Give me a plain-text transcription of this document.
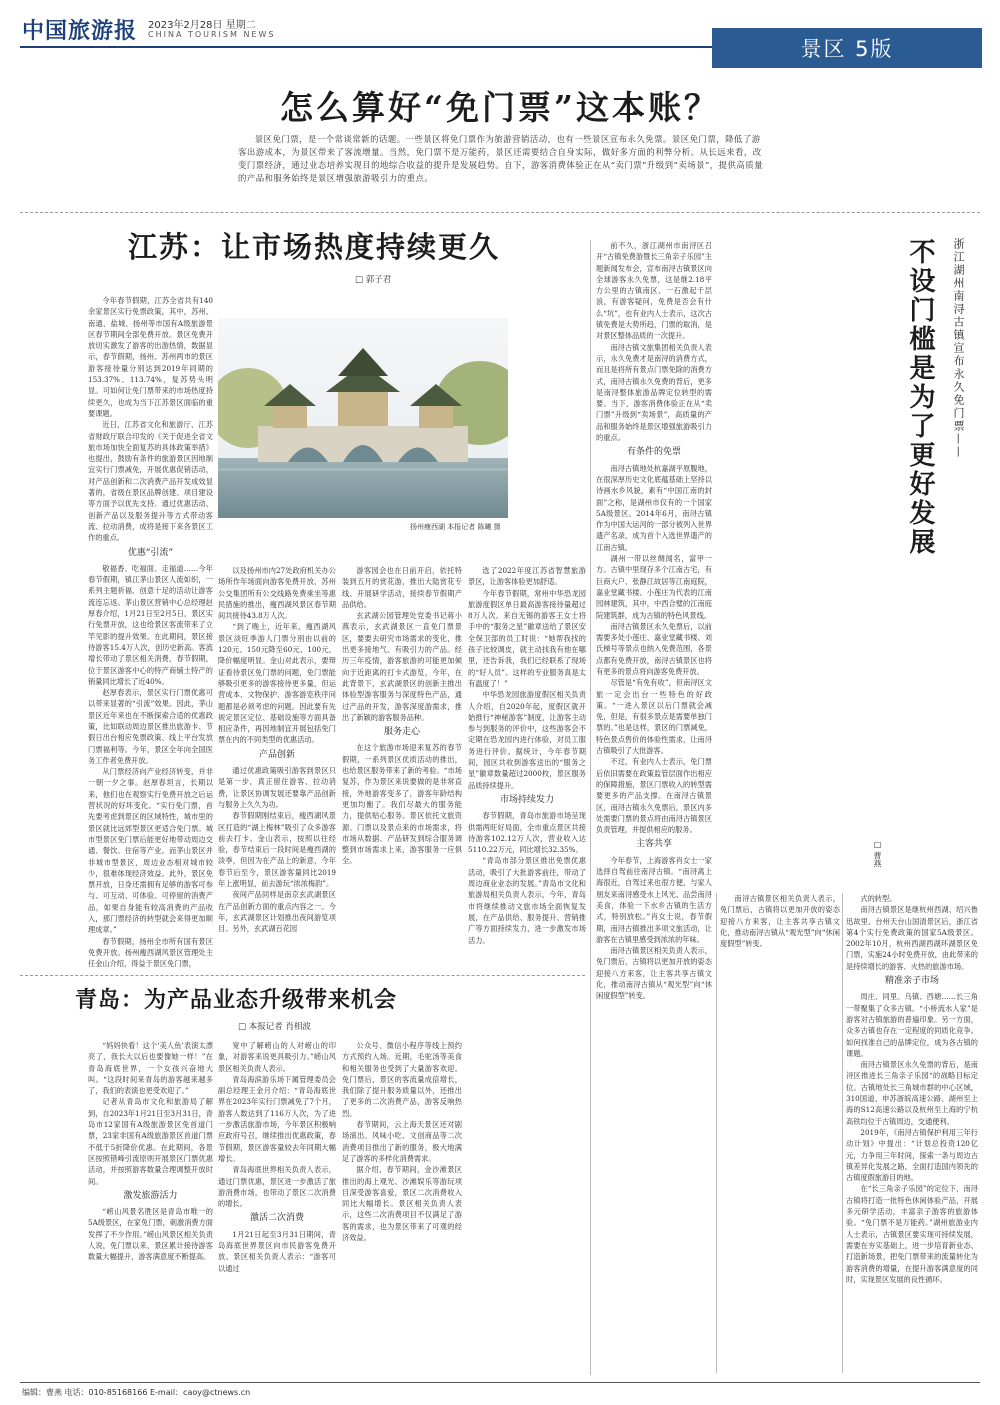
中国旅游报 2023年2月28日 星期二
CHINA TOURISM NEWS
景区 5版
怎么算好“免门票”这本账？
景区免门票，是一个常谈常新的话题。一些景区将免门票作为旅游营销活动，也有一些景区宣布永久免票。景区免门票，降低了游客出游成本，为景区带来了客流增量。当然，免门票不是万能药，景区还需要结合自身实际，做好多方面的利弊分析。从长远来看，改变门票经济，通过业态培养实现目的地综合收益的提升是发展趋势。自下，游客消费体验正在从“卖门票”升级到“卖场景”，提供高质量的产品和服务始终是景区增强旅游吸引力的重点。
江苏：让市场热度持续更久
□ 郭子君
扬州瘦西湖 本报记者 陈曦 摄

今年春节假期，江苏全省共有140余家景区实行免票政策，其中，苏州、南通、盐城、扬州等市国有A级旅游景区春节期间全部免费开放。景区免费开放切实激发了游客的出游热情，数据显示，春节假期，扬州、苏州两市的景区游客接待量分别达到2019年同期的153.37%、113.74%，复苏势头明显。可如何让免门票带来的市场热度持续更久，也成为当下江苏景区面临的重要课题。

近日，江苏省文化和旅游厅、江苏省财政厅联合印发的《关于促进全省文旅市场加快全面复苏的具体政策举措》也提出，鼓励有条件的旅游景区因地制宜实行门票减免，开展优惠促销活动，对产品创新和二次消费产品开发成效显著的，省级在景区品牌创建、项目建设等方面予以优先支持。通过优惠活动、创新产品以及服务提升等方式带动客流、拉动消费，成将是接下来各景区工作的重点。

优惠“引流”

敬福香、吃福面、走福道……今年春节假期，镇江茅山景区人流如织，一系列主题祈福、创意十足的活动让游客流连忘返。茅山景区营销中心总经理赵厚春介绍，1月21日至2月5日，景区实行免票开放，这也给景区客流带来了立竿见影的提升效果。在此期间，景区接待游客15.4万人次，创历史新高。客流增长带动了景区相关消费，春节假期，位于景区游客中心的特产商铺土特产的销量同比增长了近40%。

赵厚春表示，景区实行门票优惠可以带来显著的“引流”效果。因此，茅山景区近年来也在不断探索合适的优惠政策，比如联动周边景区推出旅游卡、节假日出台相应免票政策、线上平台发放门票福利等。今年，景区全年向全国医务工作者免费开放。

从门票经济向产业经济转变，并非一朝一夕之事。赵厚春坦言，长期以来，他们也在观察实行免费开放之后运营状况的好坏变化。“实行免门票，首先要考虑到景区的区域特性，城市里的景区就比远郊型景区更适合免门票。城市型景区免门票后能更好地带动周边交通、餐饮、住宿等产业。而茅山景区并非城市型景区，周边业态相对城市较少，很难体现经济效益。此外，景区免票开放，日身还需拥有足够的游客可参与、可互动、可体验、可停留的消费产品，如果自身能有较高消费的产品收入，那门票经济的转型就会来得更加顺理成章。”

春节假期，扬州全市所有国有景区免费开放。扬州瘦西湖风景区管理处主任金山介绍，得益于景区免门票，

以及扬州市内27处政府机关办公场所作年场面向游客免费开放、苏州公交集团所有公交线路免费乘坐等惠民措施的推出，瘦西湖风景区春节期间共接待43.8万人次。

“到了晚上，近年来，瘦西湖风景区淡旺季游人门票分别由以前的120元、150元降至60元、100元，降价幅度明显。金山对此表示，要辩证看待景区免门票的问题，免门票能够吸引更多的游客接待更多量，但运营成本、文物保护、游客游览秩序问题都是必须考虑的问题。因此要有先规定景区定位、基础设施等方面具备相应条件，再因地制宜开展包括免门票在内的不同类型的优惠活动。

产品创新

通过优惠政策吸引游客到景区只是第一步，真正留住游客、拉动消费，让景区协调发展还要靠产品创新与服务上久久为功。

春节假期刚结束后，瘦西湖风景区打造的“湖上梅林”吸引了众多游客前去打卡。金山表示，按照以往经验，春节结束后一段时间是瘦西湖的淡季，但因为在产品上的新意，今年春节后至今，景区游客量同比2019年上涨明显，前去游玩“浓浓梅韵”。

夜间产品同样是南京玄武湖景区在产品创新方面的重点内容之一。今年，玄武湖景区计划推出夜间游览项目。另外，玄武湖百花园

游客园会也在日前开启，依托特装到五月的赏花游，推出大陆赏花专线、开展研学活动，接续春节假期产品供给。

玄武湖公园管理处党委书记蒋小燕表示，玄武湖景区一直免门票景区，要要去研究市场需求的变化，推出更多接地气、有吸引力的产品。经历三年疫情，游客旅游的可能更加倾向于近距离的打卡式游览，今年，在此背景下，玄武湖景区的创新主推出体验型游客服务与深度特色产品，通过产品的开发，游客深度游需求，推出了新颖的游客服务品种。

服务走心

在这个旅游市场迎来复苏的春节假期，一系列景区优质活动的推出，也给景区服务带来了新的考验。“市场复苏，作为景区来说要做的是非常直接，外地游客变多了，游客年龄结构更加均衡了。我们尽最大的服务能力，提供贴心服务。景区依托文旅资源、门票以及景点来的市场需求，将市场从数据、产品研发到综合服务调整到市场需求上来，游客服务一应俱全。

选了2022年度江苏省智慧旅游景区，让游客体验更加舒适。

今年春节假期，常州中华恐龙园旅游度假区单日最高游客接待量超过8万人次。来自无锡的游客王女士将手中的“服务之星”徽章送给了景区安全保卫部的员工时说：“她帮我找的孩子比较调皮，就主动找我有他在哪里，还告诉我，我们已经联系了现场的“好人员”。这样的专业服务真是太有温度了！”

中华恐龙园旅游度假区相关负责人介绍，自2020年起，度假区就开始推行“神秘游客”制度，让游客主动参与到服务的评价中，这些游客会不定期在恐龙园内进行体验，对员工服务进行评价。据统计，今年春节期间，园区共收到游客送出的“服务之星”徽章数量超过2000枚，景区服务品质持续提升。

市场持续发力

春节假期，青岛市旅游市场呈现供需两旺好局面，全市重点景区共接待游客102.12万人次，营业收入达5110.22万元，同比增长32.35%。

“青岛市部分景区推出免票优惠活动，吸引了大批游客前往，带动了周边商业业态的发展。”青岛市文化和旅游局相关负责人表示，今年，青岛市将继续推动文旅市场全面恢复发展，在产品供给、服务提升、营销推广等方面持续发力，进一步激发市场活力。

前不久，浙江湖州市南浔区召开“古镇免费游暨长三角亲子乐园”主题新闻发布会，宣布南浔古镇景区向全球游客永久免票，这是继2.18平方公里的古镇南区、一石激起千层浪，有游客疑问，免费是否会有什么“坑”，也有业内人士表示，这次古镇免费是大势所趋，门票的取消，是对景区整体品质的一次提升。

南浔古镇文旅集团相关负责人表示，永久免费才是南浔的消费方式，而且是将所有景点门票免除的消费方式，南浔古镇永久免费的背后，更多是南浔整体旅游品牌定位转型的需要。当下，游客消费体验正在从“卖门票”升级到“卖场景”，高质量的产品和服务始终是景区增强旅游吸引力的重点。

有条件的免票

南浔古镇地处杭嘉湖平原腹地，在很深厚历史文化底蕴基础上坚持以诗画水乡风貌，素有“中国江南的封面”之称，是湖州市仅有的一个国家5A级景区。2014年6月，南浔古镇作为中国大运河的一部分被列入世界遗产名录，成为首个入选世界遗产的江南古镇。

湖州一带以丝绸闻名，富甲一方。古镇中里现存多个江南古宅，有巨商大户、张静江故居等江南庭院，嘉业堂藏书楼、小莲庄为代表的江南园林建筑，其中，中西合璧的江南庭院建筑群，成为古镇的特色风景线。

南浔古镇景区永久免票后，以前需要多处小莲庄、嘉业堂藏书楼、刘氏梯号等景点也纳入免费范围，各景点都有免费开放，南浔古镇景区也将有更多的景点将向游客免费开放。

尽管是“有免有收”，但南浔区文旅一定会出台一些特色的好政策。“一进入景区以后门票就会减免，但是，有很多景点是需要单独门票的。”也是这样，景区的门票减免，特色景点售价的体验性需求，让南浔古镇吸引了大批游客。

不过，有业内人士表示，免门票后依旧需要在政策监管层面作出相应的保障措施，景区门票收入的转型需要更多的产品支撑。在南浔古镇景区，南浔古镇永久免票后，景区内多处需要门票的景点将由南浔古镇景区负责管理，并提供相应的服务。

主客共享

今年春节，上海游客肖女士一家选择自驾前往南浔古镇。“南浔离上海很近，自驾过来也很方便，与家人朋友来南浔感受水上风光、品尝南浔美食，体验一下水乡古镇的生活方式，特别放松。”肖女士说，春节假期，南浔古镇推出多项文旅活动，让游客在古镇里感受到浓浓的年味。

南浔古镇景区相关负责人表示，免门票后，古镇将以更加开放的姿态迎接八方来客，让主客共享古镇文化，推动南浔古镇从“观光型”向“休闲度假型”转变。

浙江湖州南浔古镇宣布永久免门票——
不设门槛是为了更好发展
□ 曹燕

式的转型。

南浔古镇景区是继杭州西湖、绍兴鲁迅故里、台州天台山国清景区后，浙江省第4个实行免费政策的国家5A级景区。2002年10月，杭州西湖西湖环湖景区免门票，实施24小时免费开放，由此带来的是持续增长的游客、火热的旅游市场。

精准亲子市场

周庄、同里、乌镇、西塘……长三角一带聚集了众多古镇。“小桥流水人家”是游客对古镇旅游的普遍印象。另一方面，众多古镇也存在一定程度的同质化竞争。如何找准自己的品牌定位，成为各古镇的课题。

南浔古镇景区永久免票的背后，是南浔区推进长三角亲子乐园“的战略目标定位。古镇地处长三角城市群的中心区域，310国道、申苏浙皖高速公路、湖州至上海的S12高速公路以及杭州至上海的宁杭高铁均位于古镇周边，交通便利。

2019年，《南浔古镇保护利用三年行动计划》中提出：“计划总投资120亿元，力争用三年时间，探索一条与周边古镇差异化发展之路，全面打造国内领先的古镇度假旅游目的地。

在“长三角亲子乐园”的定位下，南浔古镇将打造一批特色休闲体验产品，开展多元研学活动，丰富亲子游客的旅游体验。“免门票不是万能药。”湖州旅游业内人士表示，古镇景区要实现可持续发展，需要在夯实基础上，进一步培育新业态、打造新场景，把免门票带来的流量转化为游客消费的增量，在提升游客满意度的同时，实现景区发展的良性循环。

南浔古镇景区相关负责人表示，免门票后，古镇将以更加开放的姿态迎接八方来客，让主客共享古镇文化，推动南浔古镇从“观光型”向“休闲度假型”转变。

青岛：为产品业态升级带来机会
□ 本报记者 肖相波

“妈妈快看！这个‘美人鱼’表演太漂亮了，我长大以后也要像她一样！”在青岛海底世界，一个女孩兴奋地大叫。“这段时间来青岛的游客越来越多了，我们的表演也更受欢迎了。”

记者从青岛市文化和旅游局了解到，自2023年1月21日至3月31日，青岛市12家国有A级旅游景区免首道门票，23家非国有A级旅游景区首道门票不低于5折降价优惠。在此期间，各景区按照错峰引流原则开展景区门票优惠活动，并按照游客数量合理调整开放时间。

激发旅游活力

“崂山风景名胜区是青岛市唯一的5A级景区，在家免门票，刺激消费方面发挥了不少作用。”崂山风景区相关负责人说，免门票以来，景区累计接待游客数量大幅提升，游客满意度不断提高。

宽中了解崂山的人对崂山的印象，对游客来说更具吸引力。”崂山风景区相关负责人表示。

青岛海滨游乐场下属管理委员会副总经理王金月介绍：“青岛海底世界在2023年实行门票减免了7个月，游客人数达到了116万人次，为了进一步激活旅游市场，今年景区积极响应政府号召，继续推出优惠政策，春节假期，景区游客量较去年同期大幅增长。

青岛海底世界相关负责人表示，通过门票优惠，景区进一步激活了旅游消费市场，也带动了景区二次消费的增长。

激活二次消费

1月21日起至3月31日期间，青岛海底世界景区向市民游客免费开放。景区相关负责人表示：“游客可以通过

公众号、微信小程序等线上预约方式预约入场。近期，毛驼汤等美食和相关服务也受到了大量游客欢迎。免门票后，景区的客流量成倍增长，我们除了提升服务质量以外，还推出了更多的二次消费产品，游客反响热烈。

春节期间，云上海天景区还对剧场演出、风味小吃、文创商品等二次消费项目推出了新的服务，极大地满足了游客的多样化消费需求。

据介绍，春节期间，金沙滩景区推出的海上观光、沙滩娱乐等游玩项目深受游客喜爱，景区二次消费收入同比大幅增长。景区相关负责人表示，这些二次消费项目不仅满足了游客的需求，也为景区带来了可观的经济效益。

编辑：曹燕 电话：010-85168166 E-mail：caoy@ctnews.cn
